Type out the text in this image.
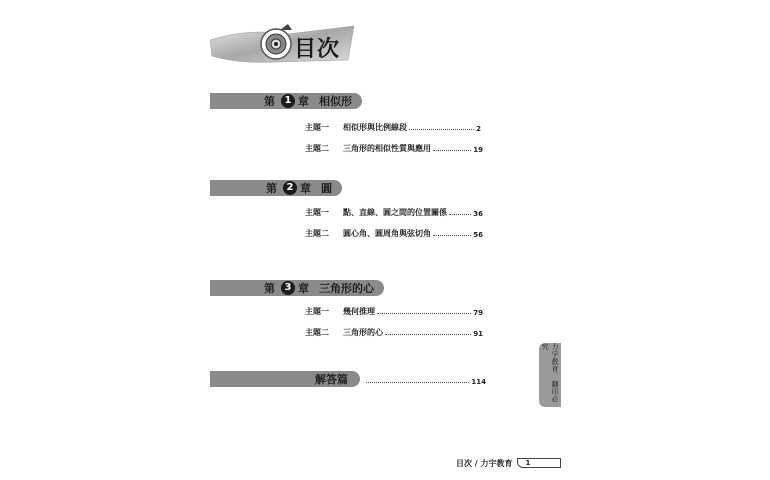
目次
第 1 章 相似形
主題一	相似形與比例線段	2
主題二	三角形的相似性質與應用	19
第 2 章 圓
主題一	點、直線、圓之間的位置關係	36
主題二	圓心角、圓周角與弦切角	56
第 3 章 三角形的心
主題一	幾何推理	79
主題二	三角形的心	91
解答篇	114	力宇教育．翻印必究
目次 / 力宇教育	1
